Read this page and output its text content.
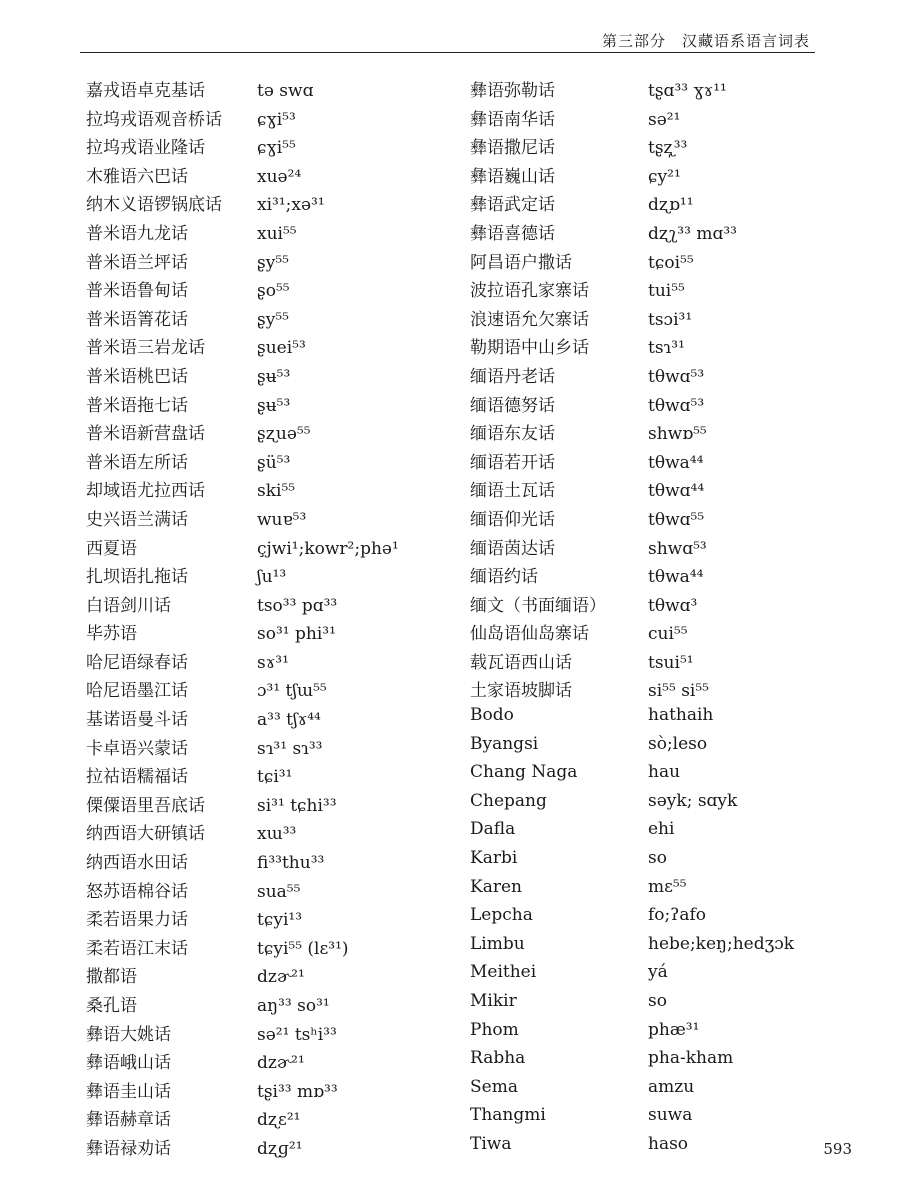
第三部分　汉藏语系语言词表
嘉戎语卓克基话	tə swɑ
拉坞戎语观音桥话	ɕɣi⁵³
拉坞戎语业隆话	ɕɣi⁵⁵
木雅语六巴话	xuə²⁴
纳木义语锣锅底话	xi³¹;xə³¹
普米语九龙话	xui⁵⁵
普米语兰坪话	ʂy⁵⁵
普米语鲁甸话	ʂo⁵⁵
普米语箐花话	ʂy⁵⁵
普米语三岩龙话	ʂuei⁵³
普米语桃巴话	ʂʉ⁵³
普米语拖七话	ʂʉ⁵³
普米语新营盘话	ʂʐuə⁵⁵
普米语左所话	ʂü⁵³
却域语尤拉西话	ski⁵⁵
史兴语兰满话	wuɐ⁵³
西夏语	çjwi¹;kowr²;phə¹
扎坝语扎拖话	ʃu¹³
白语剑川话	tso³³ pɑ³³
毕苏语	so³¹ phi³¹
哈尼语绿春话	sɤ³¹
哈尼语墨江话	ɔ³¹ tʃɯ⁵⁵
基诺语曼斗话	a³³ tʃɤ⁴⁴
卡卓语兴蒙话	sɿ³¹ sɿ³³
拉祜语糯福话	tɕi³¹
傈僳语里吾底话	si³¹ tɕhi³³
纳西语大研镇话	xɯ³³
纳西语水田话	fi³³thu³³
怒苏语棉谷话	sua⁵⁵
柔若语果力话	tɕyi¹³
柔若语江末话	tɕyi⁵⁵ (lɛ³¹)
撒都语	dzɚ²¹
桑孔语	aŋ³³ so³¹
彝语大姚话	sə²¹ tsʰi³³
彝语峨山话	dzɚ²¹
彝语圭山话	tʂi³³ mɒ³³
彝语赫章话	dʐɛ²¹
彝语禄劝话	dʐɡ²¹
彝语弥勒话	tʂɑ³³ ɣɤ¹¹
彝语南华话	sə²¹
彝语撒尼话	tʂʐ̩³³
彝语巍山话	ɕy²¹
彝语武定话	dʐɒ¹¹
彝语喜德话	dʐʅ³³ mɑ³³
阿昌语户撒话	tɕoi⁵⁵
波拉语孔家寨话	tui⁵⁵
浪速语允欠寨话	tsɔi³¹
勒期语中山乡话	tsɿ³¹
缅语丹老话	tθwɑ⁵³
缅语德努话	tθwɑ⁵³
缅语东友话	shwɒ⁵⁵
缅语若开话	tθwa⁴⁴
缅语土瓦话	tθwɑ⁴⁴
缅语仰光话	tθwɑ⁵⁵
缅语茵达话	shwɑ⁵³
缅语约话	tθwa⁴⁴
缅文（书面缅语）	tθwɑ³
仙岛语仙岛寨话	cui⁵⁵
载瓦语西山话	tsui⁵¹
土家语坡脚话	si⁵⁵ si⁵⁵
Bodo	hathaih
Byangsi	sò;leso
Chang Naga	hau
Chepang	səyk; sɑyk
Dafla	ehi
Karbi	so
Karen	mɛ⁵⁵
Lepcha	fo;ʔafo
Limbu	hebe;keŋ;hedʒɔk
Meithei	yá
Mikir	so
Phom	phæ³¹
Rabha	pha-kham
Sema	amzu
Thangmi	suwa
Tiwa	haso	593
